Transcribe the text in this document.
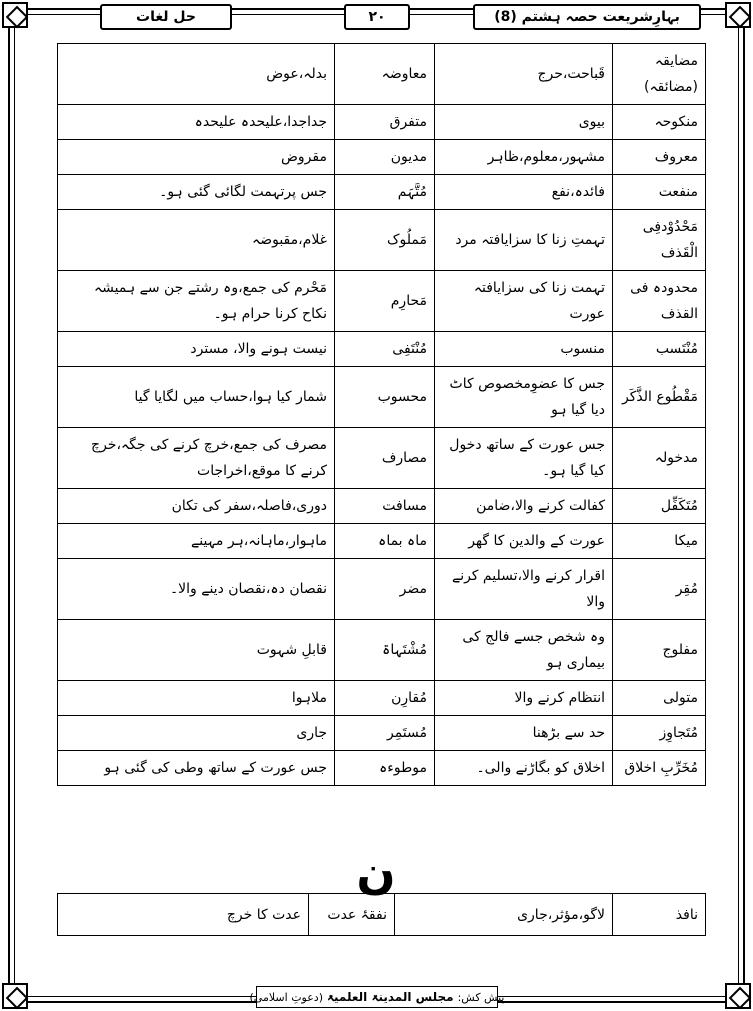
بہارِشریعت حصہ ہشتم (8)
۲۰
حل لغات
مضایقہ (مضائقہ)	قَباحت،حرج	معاوضہ	بدلہ،عوض
منکوحہ	بیوی	متفرق	جداجدا،علیحدہ علیحدہ
معروف	مشہور،معلوم،ظاہر	مدیون	مقروض
منفعت	فائدہ،نفع	مُتَّہَم	جس پرتہمت لگائی گئی ہو۔
مَحْدُوْدفِی الْقَذف	تہمتِ زنا کا سزایافتہ مرد	مَملُوک	غلام،مقبوضہ
محدودہ فی القذف	تہمت زنا کی سزایافتہ عورت	مَحارِم	مَحْرم کی جمع،وہ رشتے جن سے ہمیشہ نکاح کرنا حرام ہو۔
مُنْتَسب	منسوب	مُنْتَفِی	نیست ہونے والا، مسترد
مَقْطُوع الذَّکَر	جس کا عضوِمخصوص کاٹ دیا گیا ہو	محسوب	شمار کیا ہوا،حساب میں لگایا گیا
مدخولہ	جس عورت کے ساتھ دخول کیا گیا ہو۔	مصارف	مصرف کی جمع،خرچ کرنے کی جگہ،خرچ کرنے کا موقع،اخراجات
مُتَکَفِّل	کفالت کرنے والا،ضامن	مسافت	دوری،فاصلہ،سفر کی تکان
میکا	عورت کے والدین کا گھر	ماہ بماہ	ماہوار،ماہانہ،ہر مہینے
مُقِر	اقرار کرنے والا،تسلیم کرنے والا	مضر	نقصان دہ،نقصان دینے والا۔
مفلوج	وہ شخص جسے فالج کی بیماری ہو	مُشْتَہاۃ	قابلِ شہوت
متولی	انتظام کرنے والا	مُقارِن	ملاہوا
مُتَجاوِز	حد سے بڑھنا	مُستَمِر	جاری
مُخَرِّبِ اخلاق	اخلاق کو بگاڑنے والی۔	موطوءہ	جس عورت کے ساتھ وطی کی گئی ہو
ن
نافذ	لاگو،مؤثر،جاری	نفقۂ عدت	عدت کا خرچ
پیش کش:
مجلس المدینۃ العلمیۃ
(دعوتِ اسلامی)
